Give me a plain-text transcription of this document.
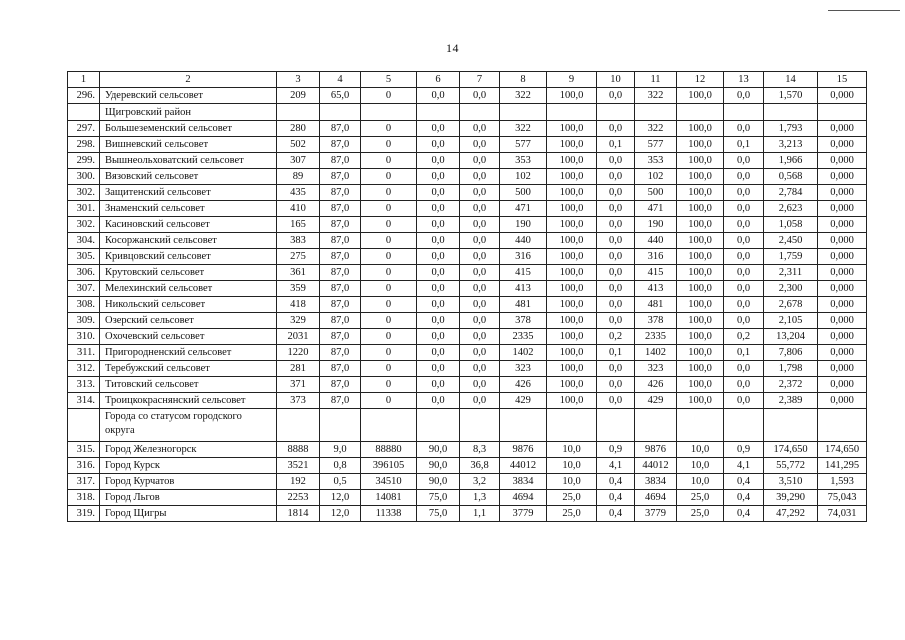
14
1	2	3	4	5	6	7	8	9	10	11	12	13	14	15
296.	Удеревский сельсовет	209	65,0	0	0,0	0,0	322	100,0	0,0	322	100,0	0,0	1,570	0,000
	Щигровский район													
297.	Большеземенский сельсовет	280	87,0	0	0,0	0,0	322	100,0	0,0	322	100,0	0,0	1,793	0,000
298.	Вишневский сельсовет	502	87,0	0	0,0	0,0	577	100,0	0,1	577	100,0	0,1	3,213	0,000
299.	Вышнеольховатский сельсовет	307	87,0	0	0,0	0,0	353	100,0	0,0	353	100,0	0,0	1,966	0,000
300.	Вязовский сельсовет	89	87,0	0	0,0	0,0	102	100,0	0,0	102	100,0	0,0	0,568	0,000
302.	Защитенский сельсовет	435	87,0	0	0,0	0,0	500	100,0	0,0	500	100,0	0,0	2,784	0,000
301.	Знаменский сельсовет	410	87,0	0	0,0	0,0	471	100,0	0,0	471	100,0	0,0	2,623	0,000
302.	Касиновский сельсовет	165	87,0	0	0,0	0,0	190	100,0	0,0	190	100,0	0,0	1,058	0,000
304.	Косоржанский сельсовет	383	87,0	0	0,0	0,0	440	100,0	0,0	440	100,0	0,0	2,450	0,000
305.	Кривцовский сельсовет	275	87,0	0	0,0	0,0	316	100,0	0,0	316	100,0	0,0	1,759	0,000
306.	Крутовский сельсовет	361	87,0	0	0,0	0,0	415	100,0	0,0	415	100,0	0,0	2,311	0,000
307.	Мелехинский сельсовет	359	87,0	0	0,0	0,0	413	100,0	0,0	413	100,0	0,0	2,300	0,000
308.	Никольский сельсовет	418	87,0	0	0,0	0,0	481	100,0	0,0	481	100,0	0,0	2,678	0,000
309.	Озерский сельсовет	329	87,0	0	0,0	0,0	378	100,0	0,0	378	100,0	0,0	2,105	0,000
310.	Охочевский сельсовет	2031	87,0	0	0,0	0,0	2335	100,0	0,2	2335	100,0	0,2	13,204	0,000
311.	Пригородненский сельсовет	1220	87,0	0	0,0	0,0	1402	100,0	0,1	1402	100,0	0,1	7,806	0,000
312.	Теребужский сельсовет	281	87,0	0	0,0	0,0	323	100,0	0,0	323	100,0	0,0	1,798	0,000
313.	Титовский сельсовет	371	87,0	0	0,0	0,0	426	100,0	0,0	426	100,0	0,0	2,372	0,000
314.	Троицкокраснянский сельсовет	373	87,0	0	0,0	0,0	429	100,0	0,0	429	100,0	0,0	2,389	0,000
	Города со статусом городского округа													
315.	Город Железногорск	8888	9,0	88880	90,0	8,3	9876	10,0	0,9	9876	10,0	0,9	174,650	174,650
316.	Город Курск	3521	0,8	396105	90,0	36,8	44012	10,0	4,1	44012	10,0	4,1	55,772	141,295
317.	Город Курчатов	192	0,5	34510	90,0	3,2	3834	10,0	0,4	3834	10,0	0,4	3,510	1,593
318.	Город Льгов	2253	12,0	14081	75,0	1,3	4694	25,0	0,4	4694	25,0	0,4	39,290	75,043
319.	Город Щигры	1814	12,0	11338	75,0	1,1	3779	25,0	0,4	3779	25,0	0,4	47,292	74,031
